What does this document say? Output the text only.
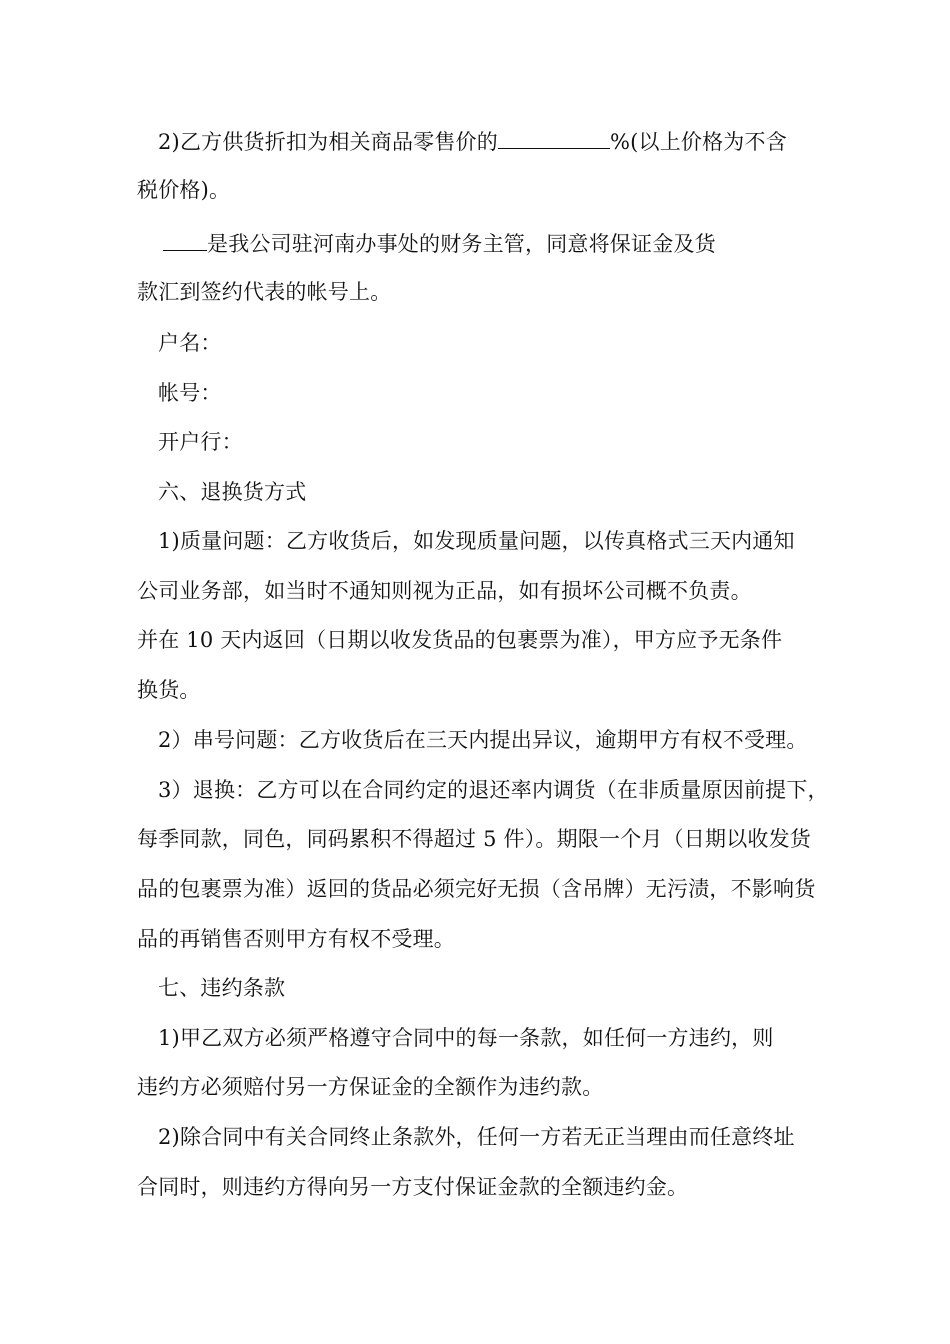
2)乙方供货折扣为相关商品零售价的	%(以上价格为不含
税价格)。
是我公司驻河南办事处的财务主管，同意将保证金及货
款汇到签约代表的帐号上。
户名：
帐号：
开户行：
六、退换货方式
1)质量问题：乙方收货后，如发现质量问题，以传真格式三天内通知
公司业务部，如当时不通知则视为正品，如有损坏公司概不负责。
并在 10 天内返回（日期以收发货品的包裹票为准），甲方应予无条件
换货。
2）串号问题：乙方收货后在三天内提出异议，逾期甲方有权不受理。
3）退换：乙方可以在合同约定的退还率内调货（在非质量原因前提下，
每季同款，同色，同码累积不得超过 5 件）。期限一个月（日期以收发货
品的包裹票为准）返回的货品必须完好无损（含吊牌）无污渍，不影响货
品的再销售否则甲方有权不受理。
七、违约条款
1)甲乙双方必须严格遵守合同中的每一条款，如任何一方违约，则
违约方必须赔付另一方保证金的全额作为违约款。
2)除合同中有关合同终止条款外，任何一方若无正当理由而任意终址
合同时，则违约方得向另一方支付保证金款的全额违约金。
